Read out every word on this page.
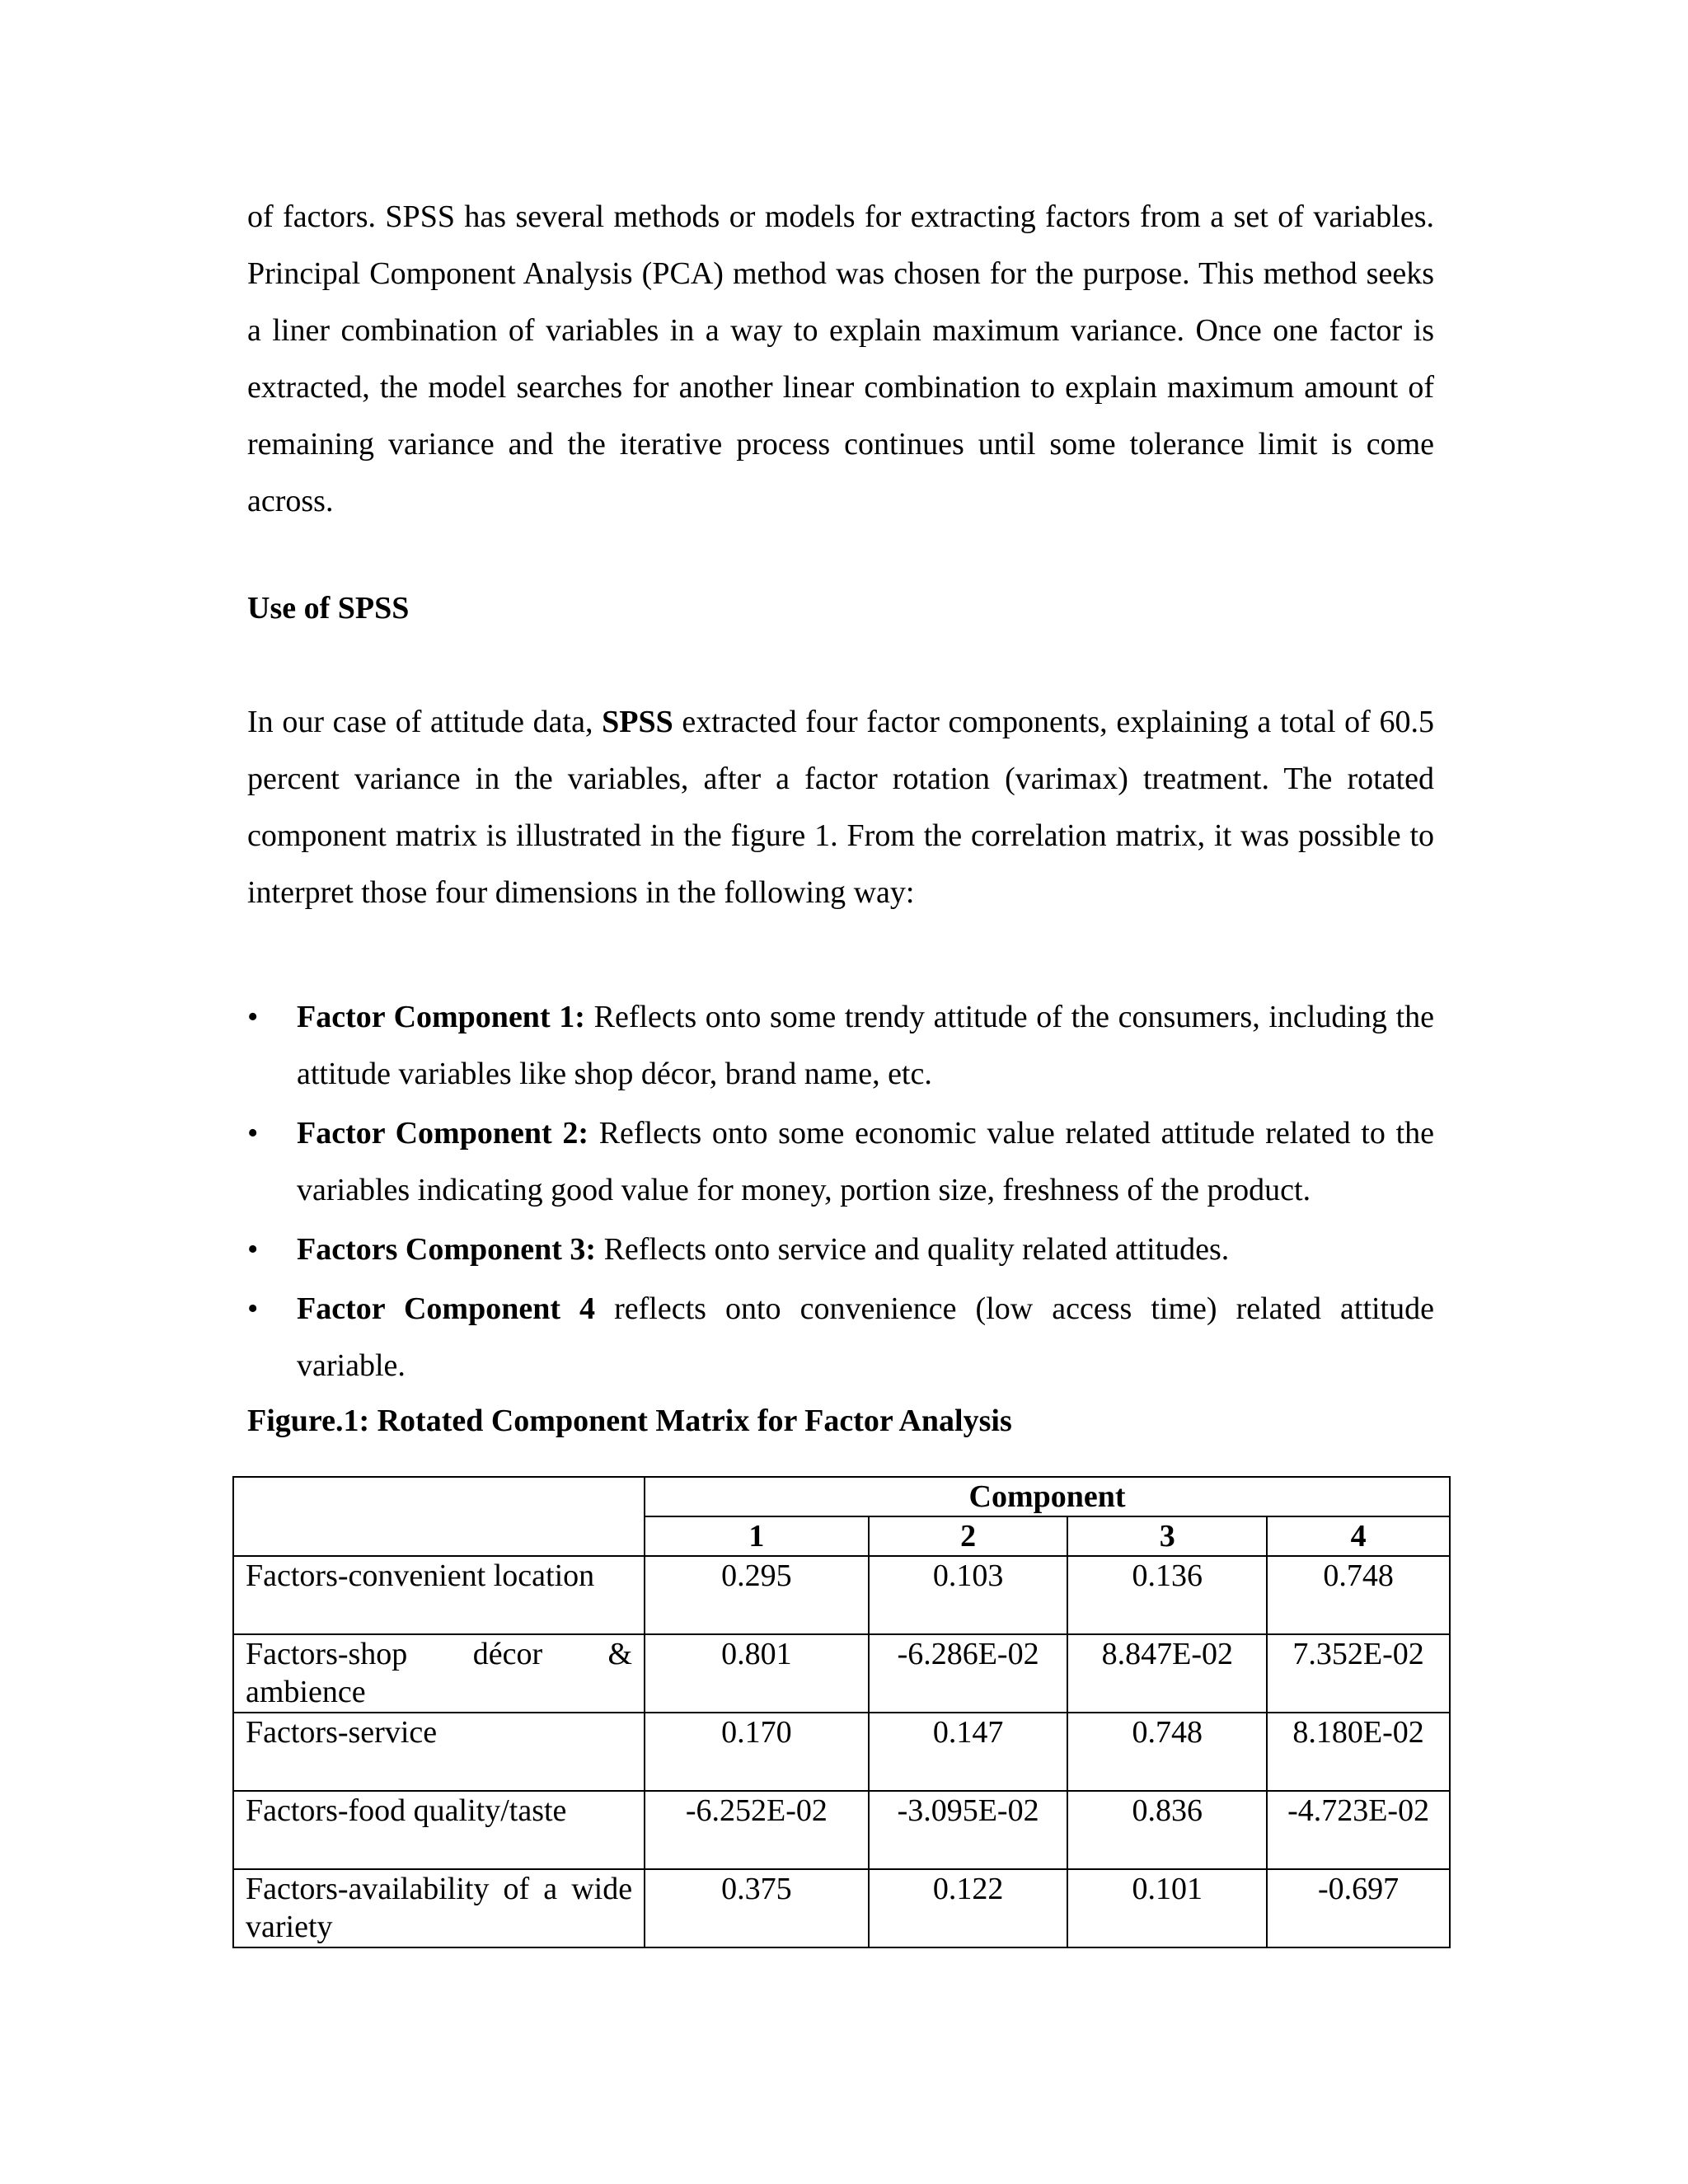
of factors. SPSS has several methods or models for extracting factors from a set of variables. Principal Component Analysis (PCA) method was chosen for the purpose. This method seeks a liner combination of variables in a way to explain maximum variance. Once one factor is extracted, the model searches for another linear combination to explain maximum amount of remaining variance and the iterative process continues until some tolerance limit is come across.

Use of SPSS

In our case of attitude data, SPSS extracted four factor components, explaining a total of 60.5 percent variance in the variables, after a factor rotation (varimax) treatment. The rotated component matrix is illustrated in the figure 1. From the correlation matrix, it was possible to interpret those four dimensions in the following way:

• Factor Component 1: Reflects onto some trendy attitude of the consumers, including the attitude variables like shop décor, brand name, etc.
• Factor Component 2: Reflects onto some economic value related attitude related to the variables indicating good value for money, portion size, freshness of the product.
• Factors Component 3: Reflects onto service and quality related attitudes.
• Factor Component 4 reflects onto convenience (low access time) related attitude variable.

Figure.1: Rotated Component Matrix for Factor Analysis

	Component			
	1	2	3	4
Factors-convenient location	0.295	0.103	0.136	0.748
Factors-shop décor & ambience	0.801	-6.286E-02	8.847E-02	7.352E-02
Factors-service	0.170	0.147	0.748	8.180E-02
Factors-food quality/taste	-6.252E-02	-3.095E-02	0.836	-4.723E-02
Factors-availability of a wide variety	0.375	0.122	0.101	-0.697
